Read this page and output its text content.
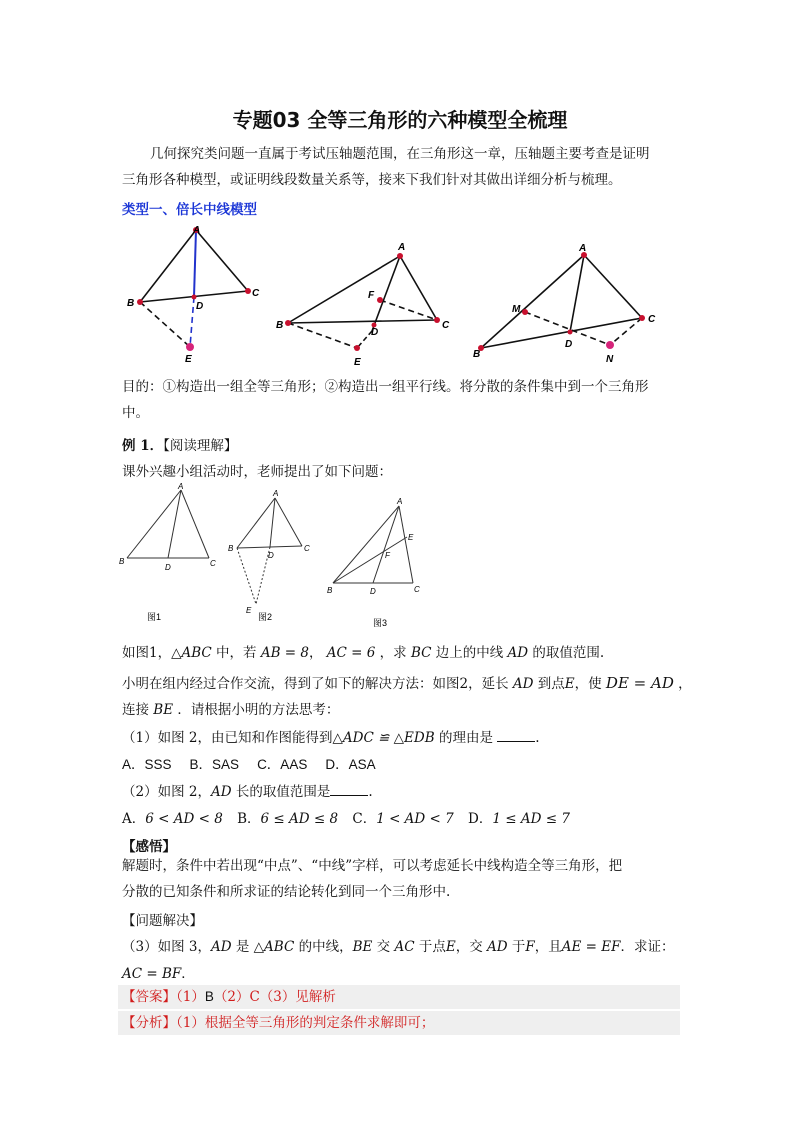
专题03 全等三角形的六种模型全梳理
几何探究类问题一直属于考试压轴题范围，在三角形这一章，压轴题主要考查是证明
三角形各种模型，或证明线段数量关系等，接来下我们针对其做出详细分析与梳理。
类型一、倍长中线模型
A
B
C
D
E
A
F
B
D
C
E
A
M
C
D
B	N
目的：①构造出一组全等三角形；②构造出一组平行线。将分散的条件集中到一个三角形
中。
例 1．【阅读理解】
课外兴趣小组活动时，老师提出了如下问题：
A
B
D	C
图1
A
B
D
C
E
图2
A
E
F
B	D	C
图3
如图1，△ABC 中，若 AB = 8， AC = 6 ，求 BC 边上的中线 AD 的取值范围.
小明在组内经过合作交流，得到了如下的解决方法：如图2，延长 AD 到点E，使 DE = AD ，
连接 BE ．请根据小明的方法思考：
（1）如图 2，由已知和作图能得到△ADC ≌ △EDB 的理由是	.
A．SSS B．SAS C．AAS D．ASA
（2）如图 2，AD 长的取值范围是	.
A．6 < AD < 8 B．6 ≤ AD ≤ 8 C．1 < AD < 7 D．1 ≤ AD ≤ 7
【感悟】
解题时，条件中若出现“中点”、“中线”字样，可以考虑延长中线构造全等三角形，把
分散的已知条件和所求证的结论转化到同一个三角形中.
【问题解决】
（3）如图 3，AD 是 △ABC 的中线，BE 交 AC 于点E，交 AD 于F，且AE = EF．求证：
AC = BF．
【答案】（1）B（2）C（3）见解析
【分析】（1）根据全等三角形的判定条件求解即可；
